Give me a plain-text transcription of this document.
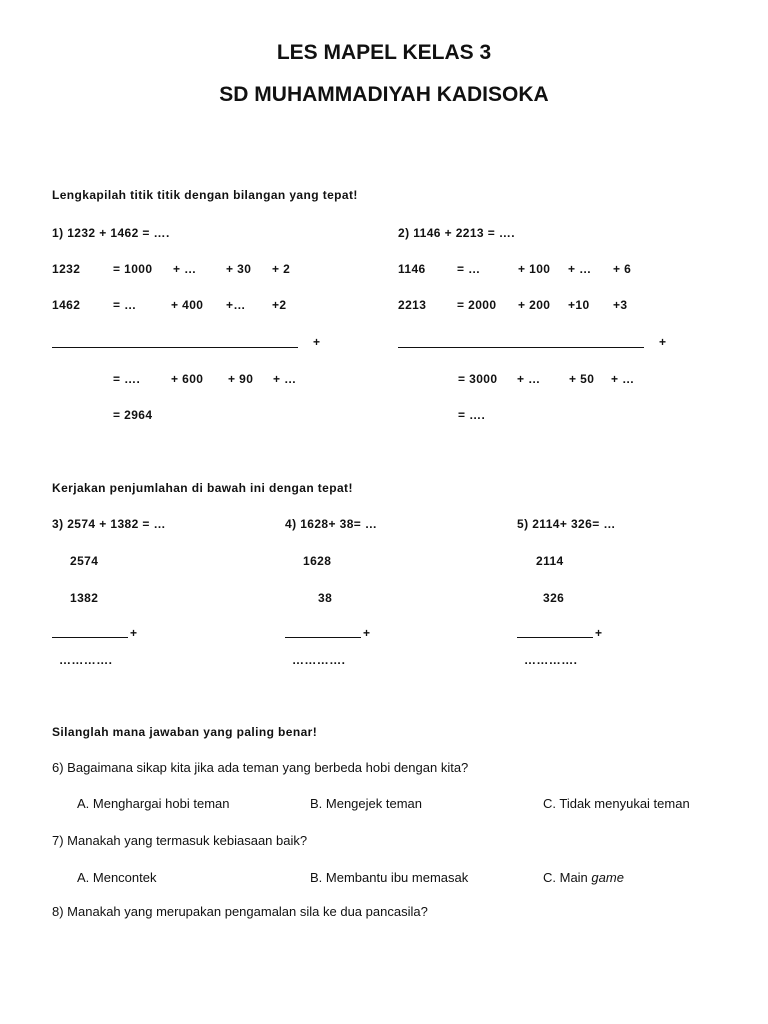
LES MAPEL KELAS 3
SD MUHAMMADIYAH KADISOKA
Lengkapilah titik titik dengan bilangan yang tepat!
1) 1232 + 1462 = ….
1232	= 1000 + … + 30 + 2
1462	= …	+ 400 +… +2
+
= ….	+ 600 + 90 + …
= 2964
2) 1146 + 2213 = ….
1146	= …	+ 100 + … + 6
2213	= 2000 + 200 +10 +3
+
= 3000 + … + 50 + …
= ….
Kerjakan penjumlahan di bawah ini dengan tepat!
3) 2574 + 1382 = …
2574
1382
+
………….
4) 1628+ 38= …
1628
38
+
………….
5) 2114+ 326= …
2114
326
+
………….
Silanglah mana jawaban yang paling benar!
6) Bagaimana sikap kita jika ada teman yang berbeda hobi dengan kita?
A. Menghargai hobi teman	B. Mengejek teman	C. Tidak menyukai teman
7) Manakah yang termasuk kebiasaan baik?
A. Mencontek	B. Membantu ibu memasak	C. Main game
8) Manakah yang merupakan pengamalan sila ke dua pancasila?
